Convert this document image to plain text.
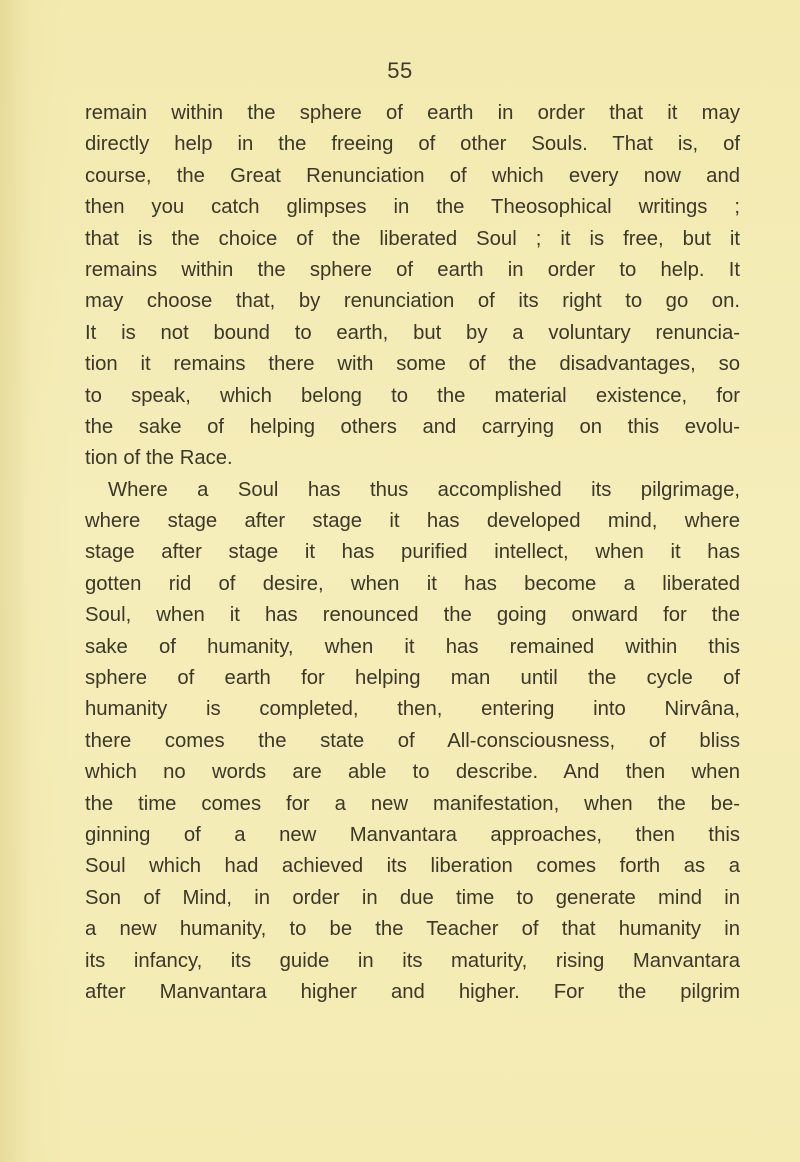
55
remain within the sphere of earth in order that it may
directly help in the freeing of other Souls. That is, of
course, the Great Renunciation of which every now and
then you catch glimpses in the Theosophical writings ;
that is the choice of the liberated Soul ; it is free, but it
remains within the sphere of earth in order to help. It
may choose that, by renunciation of its right to go on.
It is not bound to earth, but by a voluntary renuncia-
tion it remains there with some of the disadvantages, so
to speak, which belong to the material existence, for
the sake of helping others and carrying on this evolu-
tion of the Race.
Where a Soul has thus accomplished its pilgrimage,
where stage after stage it has developed mind, where
stage after stage it has purified intellect, when it has
gotten rid of desire, when it has become a liberated
Soul, when it has renounced the going onward for the
sake of humanity, when it has remained within this
sphere of earth for helping man until the cycle of
humanity is completed, then, entering into Nirvâna,
there comes the state of All-consciousness, of bliss
which no words are able to describe. And then when
the time comes for a new manifestation, when the be-
ginning of a new Manvantara approaches, then this
Soul which had achieved its liberation comes forth as a
Son of Mind, in order in due time to generate mind in
a new humanity, to be the Teacher of that humanity in
its infancy, its guide in its maturity, rising Manvantara
after Manvantara higher and higher. For the pilgrim
